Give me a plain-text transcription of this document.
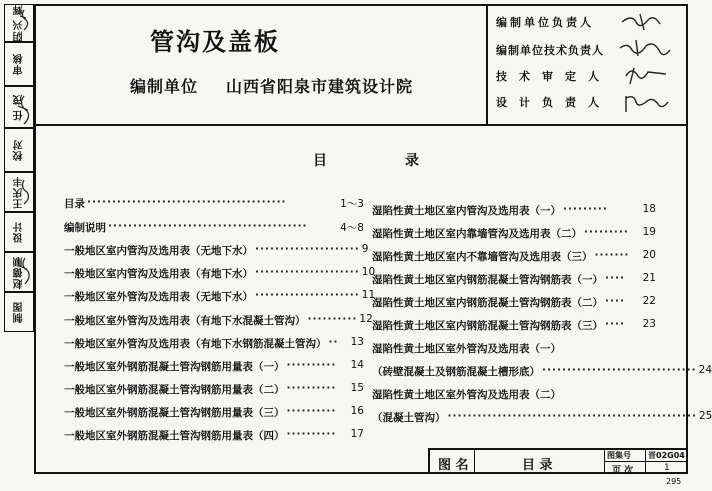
阴兴 辉
审核
任 茂
校对
王庆丰
设计
赵德顺
制图
管沟及盖板
编制单位 山西省阳泉市建筑设计院
编制单位负责人
编制单位技术负责人
技术审定人
设计负责人
目	录
目录 ········································	1～3
编制说明 ········································	4～8
一般地区室内管沟及选用表（无地下水） ····················· 9
一般地区室内管沟及选用表（有地下水） ····················· 10
一般地区室外管沟及选用表（无地下水） ····················· 11
一般地区室外管沟及选用表（有地下水混凝土管沟） ·········· 12
一般地区室外管沟及选用表（有地下水钢筋混凝土管沟） ··	13
一般地区室外钢筋混凝土管沟钢筋用量表（一） ··········	14
一般地区室外钢筋混凝土管沟钢筋用量表（二） ··········	15
一般地区室外钢筋混凝土管沟钢筋用量表（三） ··········	16
一般地区室外钢筋混凝土管沟钢筋用量表（四） ··········	17
湿陷性黄土地区室内管沟及选用表（一） ·········	18
湿陷性黄土地区室内靠墙管沟及选用表（二） ·········	19
湿陷性黄土地区室内不靠墙管沟及选用表（三） ·······	20
湿陷性黄土地区室内钢筋混凝土管沟钢筋表（一） ····	21
湿陷性黄土地区室内钢筋混凝土管沟钢筋表（二） ····	22
湿陷性黄土地区室内钢筋混凝土管沟钢筋表（三） ····	23
湿陷性黄土地区室外管沟及选用表（一）
（砖壁混凝土及钢筋混凝土槽形底） ······························· 24
湿陷性黄土地区室外管沟及选用表（二）
（混凝土管沟） ·················································· 25
图 名	目 录
图集号 晋02G04
页 次	1
295
